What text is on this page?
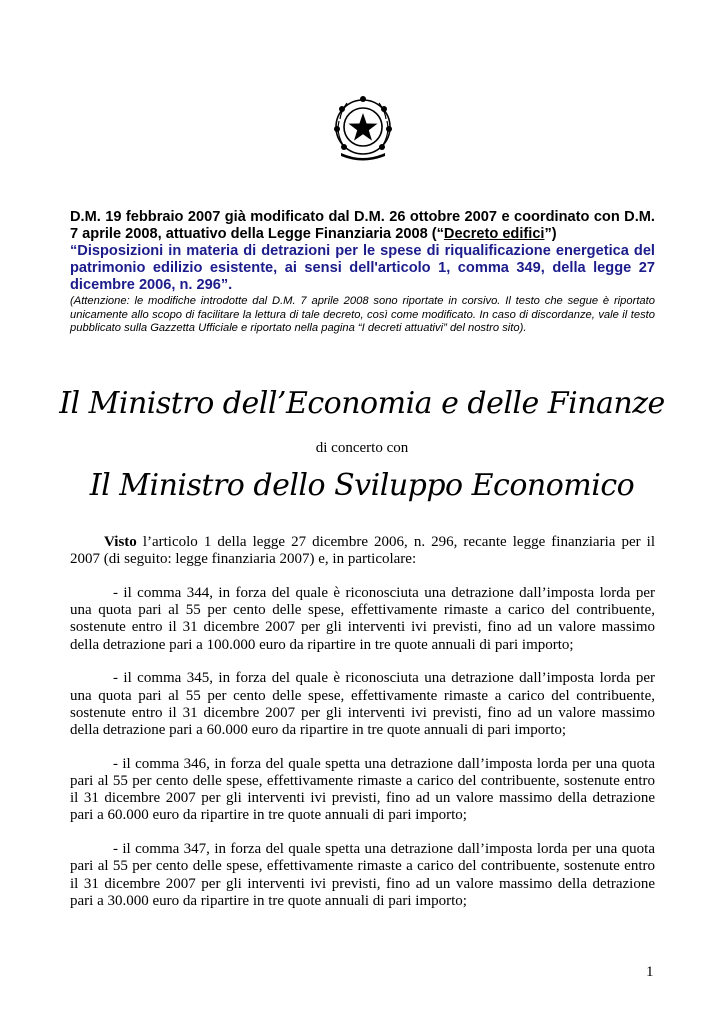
D.M. 19 febbraio 2007 già modificato dal D.M. 26 ottobre 2007 e coordinato con D.M. 7 aprile 2008, attuativo della Legge Finanziaria 2008 (“Decreto edifici”)

“Disposizioni in materia di detrazioni per le spese di riqualificazione energetica del patrimonio edilizio esistente, ai sensi dell'articolo 1, comma 349, della legge 27 dicembre 2006, n. 296”.

(Attenzione: le modifiche introdotte dal D.M. 7 aprile 2008 sono riportate in corsivo. Il testo che segue è riportato unicamente allo scopo di facilitare la lettura di tale decreto, così come modificato. In caso di discordanze, vale il testo pubblicato sulla Gazzetta Ufficiale e riportato nella pagina “I decreti attuativi” del nostro sito).

Il Ministro dell’Economia e delle Finanze
di concerto con
Il Ministro dello Sviluppo Economico

Visto l’articolo 1 della legge 27 dicembre 2006, n. 296, recante legge finanziaria per il 2007 (di seguito: legge finanziaria 2007) e, in particolare:

- il comma 344, in forza del quale è riconosciuta una detrazione dall’imposta lorda per una quota pari al 55 per cento delle spese, effettivamente rimaste a carico del contribuente, sostenute entro il 31 dicembre 2007 per gli interventi ivi previsti, fino ad un valore massimo della detrazione pari a 100.000 euro da ripartire in tre quote annuali di pari importo;

- il comma 345, in forza del quale è riconosciuta una detrazione dall’imposta lorda per una quota pari al 55 per cento delle spese, effettivamente rimaste a carico del contribuente, sostenute entro il 31 dicembre 2007 per gli interventi ivi previsti, fino ad un valore massimo della detrazione pari a 60.000 euro da ripartire in tre quote annuali di pari importo;

- il comma 346, in forza del quale spetta una detrazione dall’imposta lorda per una quota pari al 55 per cento delle spese, effettivamente rimaste a carico del contribuente, sostenute entro il 31 dicembre 2007 per gli interventi ivi previsti, fino ad un valore massimo della detrazione pari a 60.000 euro da ripartire in tre quote annuali di pari importo;

- il comma 347, in forza del quale spetta una detrazione dall’imposta lorda per una quota pari al 55 per cento delle spese, effettivamente rimaste a carico del contribuente, sostenute entro il 31 dicembre 2007 per gli interventi ivi previsti, fino ad un valore massimo della detrazione pari a 30.000 euro da ripartire in tre quote annuali di pari importo;

1
